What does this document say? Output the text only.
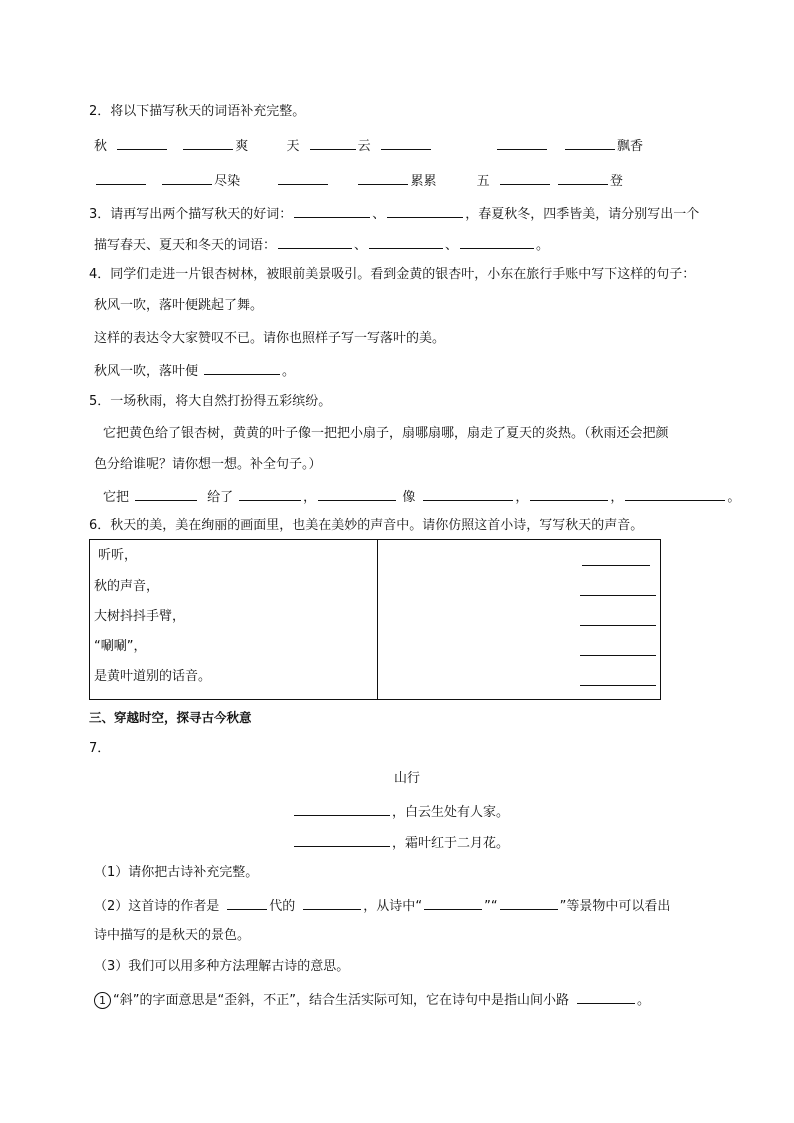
2．将以下描写秋天的词语补充完整。
秋	爽	天	云	飘香
尽染	累累	五	登
3．请再写出两个描写秋天的好词：	、	，春夏秋冬，四季皆美，请分别写出一个
描写春天、夏天和冬天的词语：	、	、	。
4．同学们走进一片银杏树林，被眼前美景吸引。看到金黄的银杏叶，小东在旅行手账中写下这样的句子：
秋风一吹，落叶便跳起了舞。
这样的表达令大家赞叹不已。请你也照样子写一写落叶的美。
秋风一吹，落叶便	。
5．一场秋雨，将大自然打扮得五彩缤纷。
它把黄色给了银杏树，黄黄的叶子像一把把小扇子，扇哪扇哪，扇走了夏天的炎热。（秋雨还会把颜
色分给谁呢？请你想一想。补全句子。）
它把	给了	，	像	，	，	。
6．秋天的美，美在绚丽的画面里，也美在美妙的声音中。请你仿照这首小诗，写写秋天的声音。
听听，
秋的声音，
大树抖抖手臂，
“唰唰”，
是黄叶道别的话音。

三、穿越时空，探寻古今秋意
7．
山行
，白云生处有人家。
，霜叶红于二月花。
（1）请你把古诗补充完整。
（2）这首诗的作者是	代的	，从诗中“	”“	”等景物中可以看出
诗中描写的是秋天的景色。
（3）我们可以用多种方法理解古诗的意思。
1 “斜”的字面意思是“歪斜，不正”，结合生活实际可知，它在诗句中是指山间小路	。
